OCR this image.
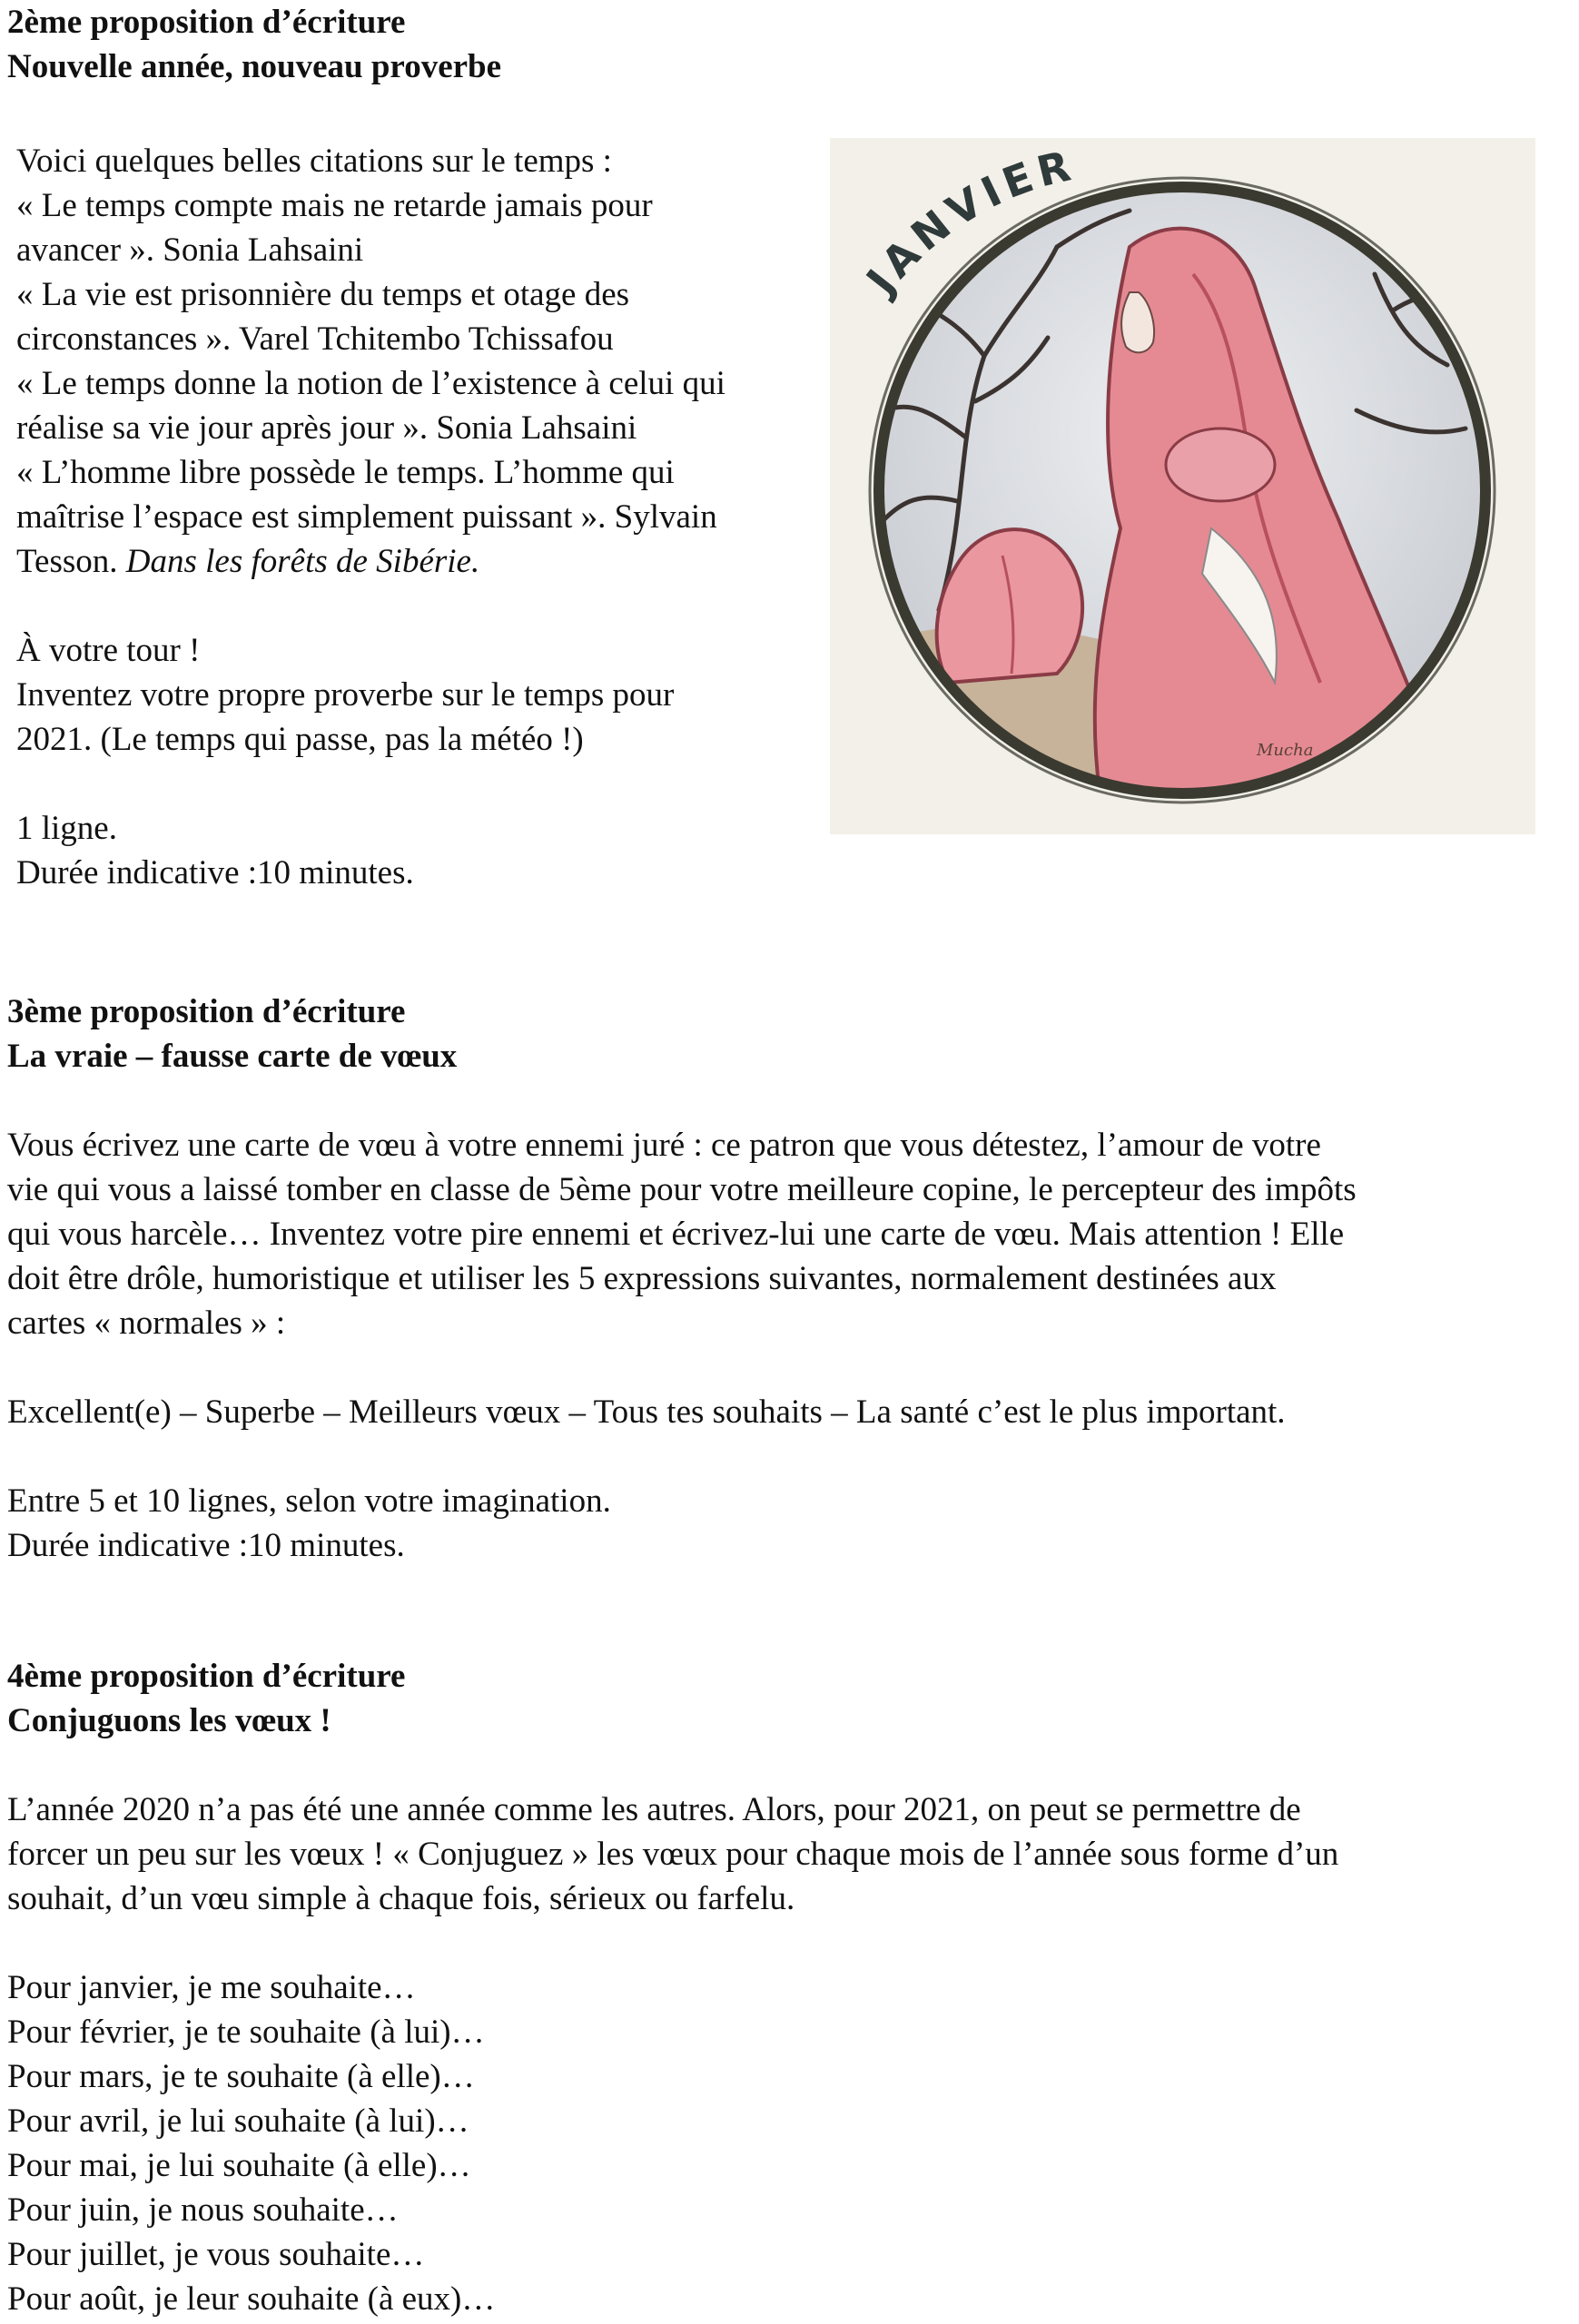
2ème proposition d’écriture

Nouvelle année, nouveau proverbe

Voici quelques belles citations sur le temps :

« Le temps compte mais ne retarde jamais pour

avancer ». Sonia Lahsaini

« La vie est prisonnière du temps et otage des

circonstances ». Varel Tchitembo Tchissafou

« Le temps donne la notion de l’existence à celui qui

réalise sa vie jour après jour ». Sonia Lahsaini

« L’homme libre possède le temps. L’homme qui

maîtrise l’espace est simplement puissant ». Sylvain

Tesson. Dans les forêts de Sibérie.

À votre tour !

Inventez votre propre proverbe sur le temps pour

2021. (Le temps qui passe, pas la météo !)

1 ligne.

Durée indicative :10 minutes.

JANVIER
Mucha

3ème proposition d’écriture

La vraie – fausse carte de vœux

Vous écrivez une carte de vœu à votre ennemi juré : ce patron que vous détestez, l’amour de votre

vie qui vous a laissé tomber en classe de 5ème pour votre meilleure copine, le percepteur des impôts

qui vous harcèle… Inventez votre pire ennemi et écrivez-lui une carte de vœu. Mais attention ! Elle

doit être drôle, humoristique et utiliser les 5 expressions suivantes, normalement destinées aux

cartes « normales » :

Excellent(e) – Superbe – Meilleurs vœux – Tous tes souhaits – La santé c’est le plus important.

Entre 5 et 10 lignes, selon votre imagination.

Durée indicative :10 minutes.

4ème proposition d’écriture

Conjuguons les vœux !

L’année 2020 n’a pas été une année comme les autres. Alors, pour 2021, on peut se permettre de

forcer un peu sur les vœux ! « Conjuguez » les vœux pour chaque mois de l’année sous forme d’un

souhait, d’un vœu simple à chaque fois, sérieux ou farfelu.

Pour janvier, je me souhaite…

Pour février, je te souhaite (à lui)…

Pour mars, je te souhaite (à elle)…

Pour avril, je lui souhaite (à lui)…

Pour mai, je lui souhaite (à elle)…

Pour juin, je nous souhaite…

Pour juillet, je vous souhaite…

Pour août, je leur souhaite (à eux)…
